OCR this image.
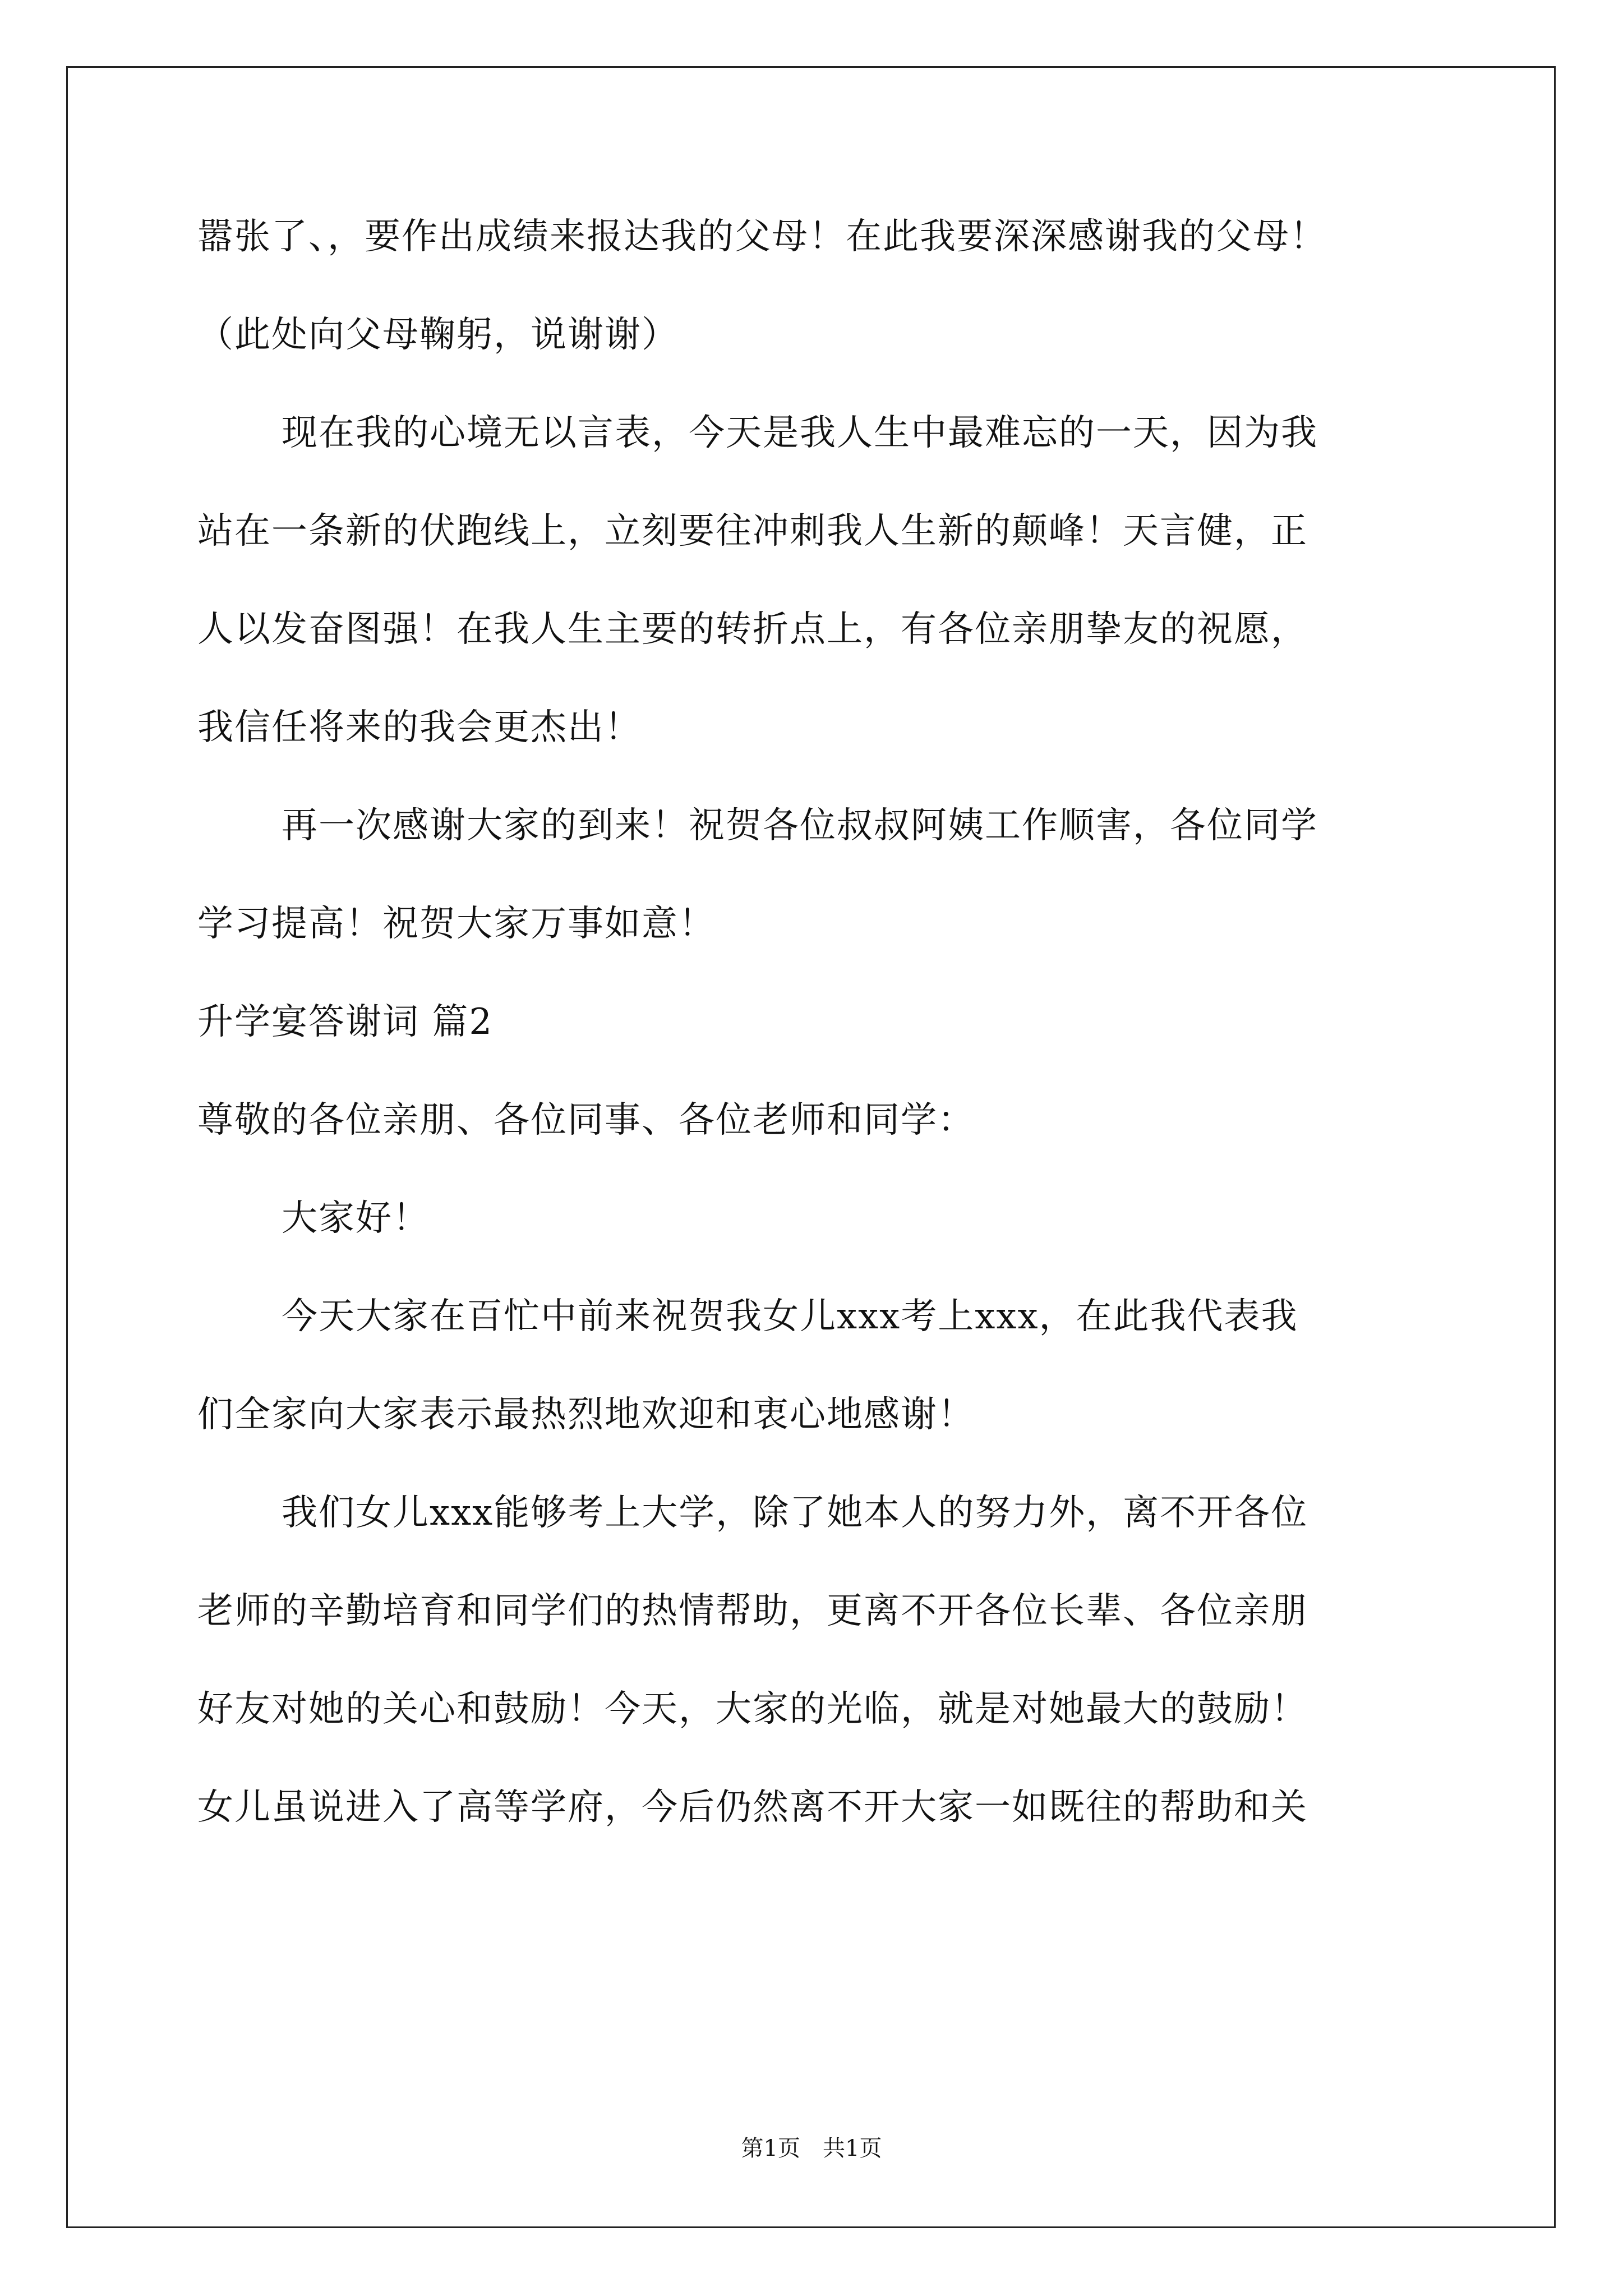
嚣张了、，要作出成绩来报达我的父母！在此我要深深感谢我的父母！

（此处向父母鞠躬，说谢谢）

现在我的心境无以言表，今天是我人生中最难忘的一天，因为我

站在一条新的伏跑线上，立刻要往冲刺我人生新的颠峰！天言健，正

人以发奋图强！在我人生主要的转折点上，有各位亲朋挚友的祝愿，

我信任将来的我会更杰出！

再一次感谢大家的到来！祝贺各位叔叔阿姨工作顺害，各位同学

学习提高！祝贺大家万事如意！

升学宴答谢词 篇2

尊敬的各位亲朋、各位同事、各位老师和同学：

大家好！

今天大家在百忙中前来祝贺我女儿xxx考上xxx，在此我代表我

们全家向大家表示最热烈地欢迎和衷心地感谢！

我们女儿xxx能够考上大学，除了她本人的努力外，离不开各位

老师的辛勤培育和同学们的热情帮助，更离不开各位长辈、各位亲朋

好友对她的关心和鼓励！今天，大家的光临，就是对她最大的鼓励！

女儿虽说进入了高等学府，今后仍然离不开大家一如既往的帮助和关

第1页　共1页
